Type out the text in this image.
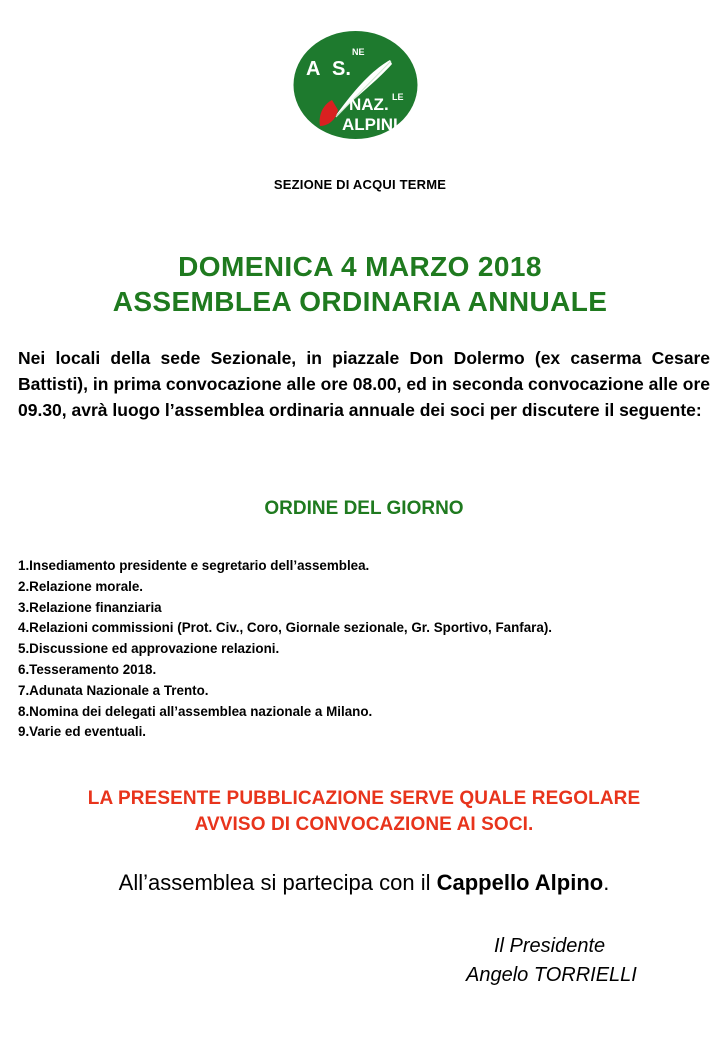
A S.
NE
NAZ. LE
ALPINI
SEZIONE DI ACQUI TERME
DOMENICA 4 MARZO 2018
ASSEMBLEA ORDINARIA ANNUALE
Nei locali della sede Sezionale, in piazzale Don Dolermo (ex caserma Cesare Battisti), in prima convocazione alle ore 08.00, ed in seconda convocazione alle ore 09.30, avrà luogo l’assemblea ordinaria annuale dei soci per discutere il seguente:
ORDINE DEL GIORNO
1.Insediamento presidente e segretario dell’assemblea.
2.Relazione morale.
3.Relazione finanziaria
4.Relazioni commissioni (Prot. Civ., Coro, Giornale sezionale, Gr. Sportivo, Fanfara).
5.Discussione ed approvazione relazioni.
6.Tesseramento 2018.
7.Adunata Nazionale a Trento.
8.Nomina dei delegati all’assemblea nazionale a Milano.
9.Varie ed eventuali.
LA PRESENTE PUBBLICAZIONE SERVE QUALE REGOLARE
AVVISO DI CONVOCAZIONE AI SOCI.
All’assemblea si partecipa con il Cappello Alpino.
Il Presidente
Angelo TORRIELLI
